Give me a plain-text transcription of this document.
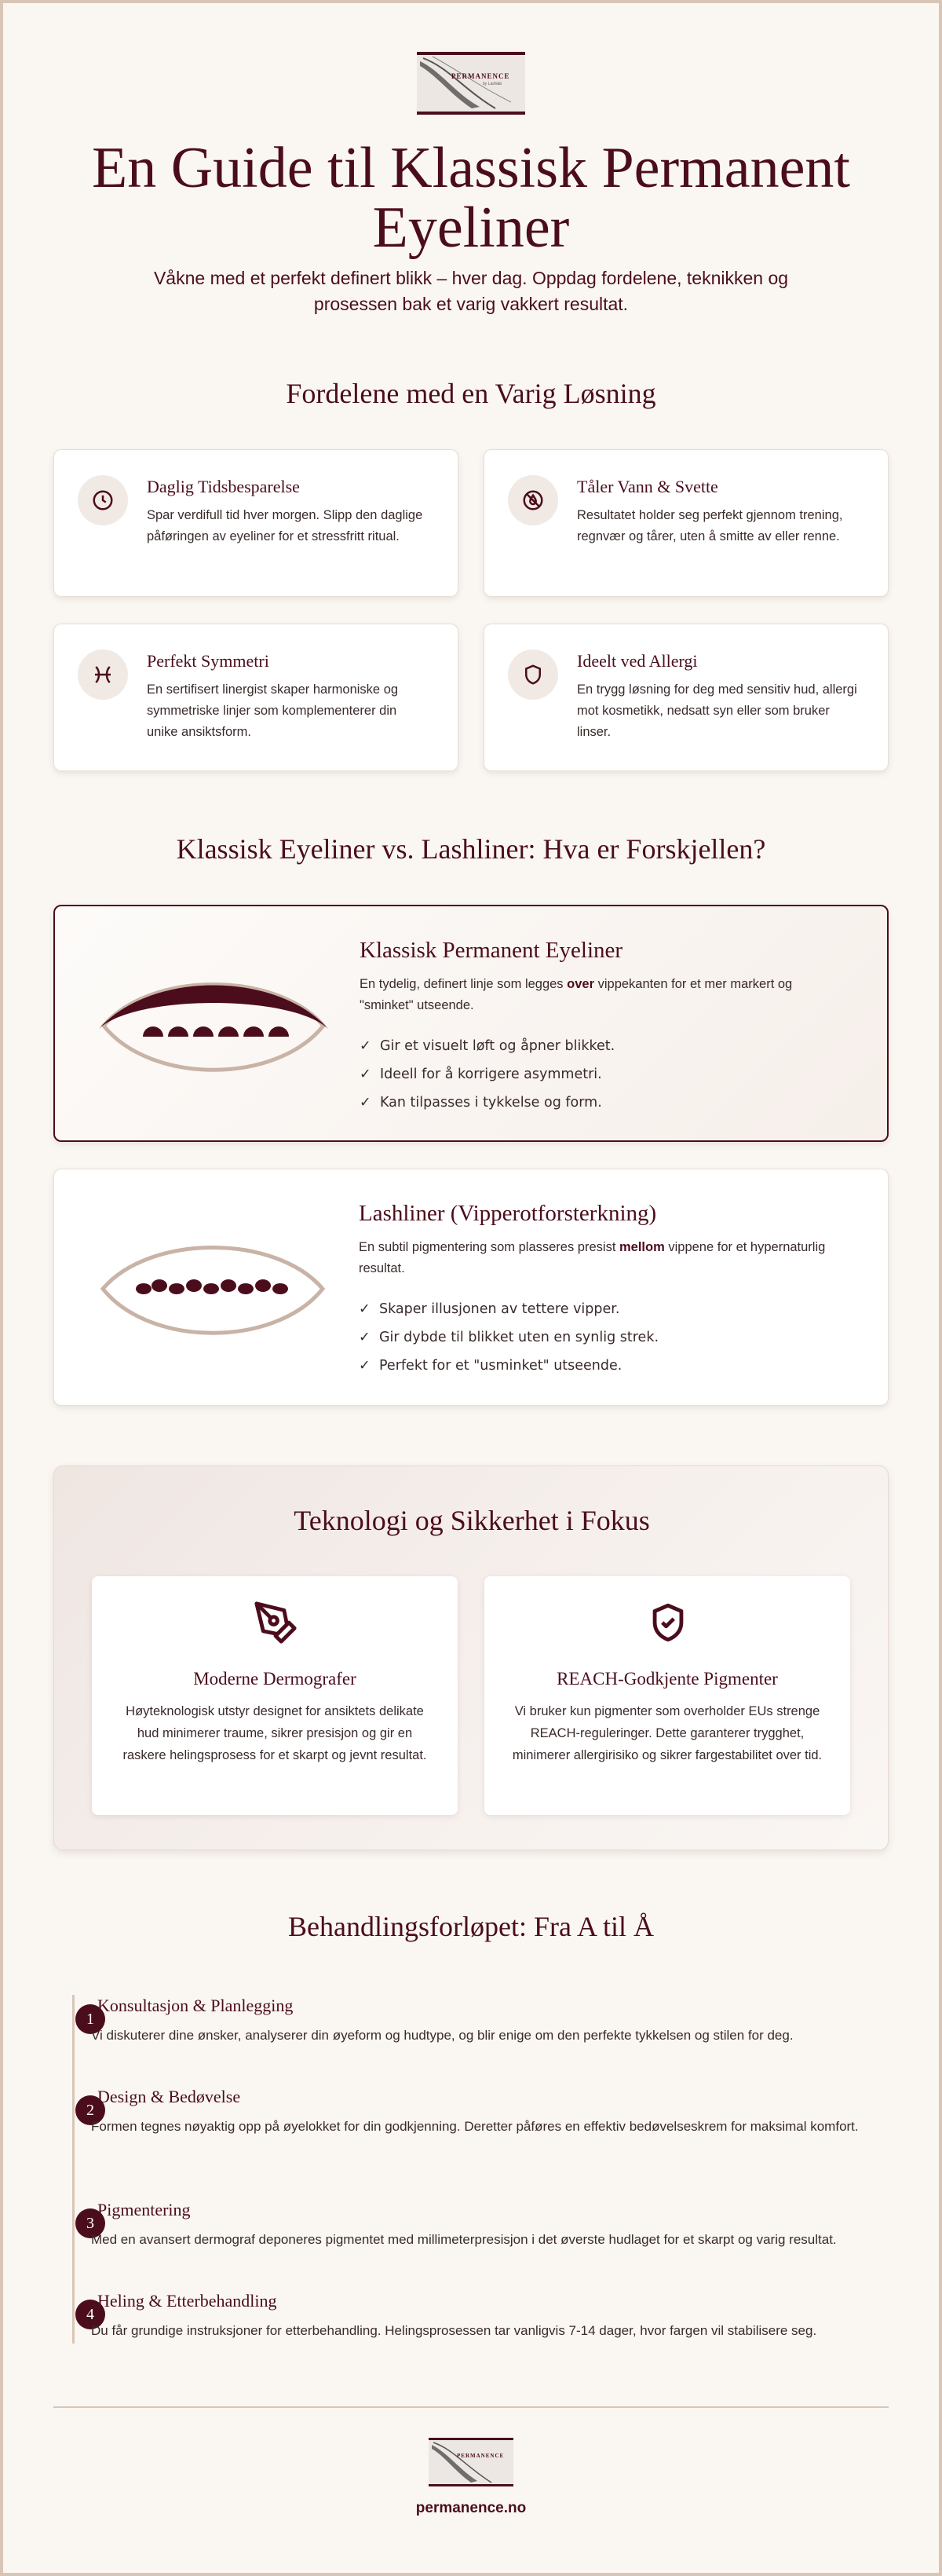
PERMANENCE
by Lashlab
En Guide til Klassisk Permanent Eyeliner

Våkne med et perfekt definert blikk – hver dag. Oppdag fordelene, teknikken og prosessen bak et varig vakkert resultat.

Fordelene med en Varig Løsning
Daglig Tidsbesparelse
Spar verdifull tid hver morgen. Slipp den daglige påføringen av eyeliner for et stressfritt ritual.
Tåler Vann & Svette
Resultatet holder seg perfekt gjennom trening, regnvær og tårer, uten å smitte av eller renne.
Perfekt Symmetri
En sertifisert linergist skaper harmoniske og symmetriske linjer som komplementerer din unike ansiktsform.
Ideelt ved Allergi
En trygg løsning for deg med sensitiv hud, allergi mot kosmetikk, nedsatt syn eller som bruker linser.
Klassisk Eyeliner vs. Lashliner: Hva er Forskjellen?
Klassisk Permanent Eyeliner
En tydelig, definert linje som legges over vippekanten for et mer markert og "sminket" utseende.
✓ Gir et visuelt løft og åpner blikket.
✓ Ideell for å korrigere asymmetri.
✓ Kan tilpasses i tykkelse og form.
Lashliner (Vipperotforsterkning)
En subtil pigmentering som plasseres presist mellom vippene for et hypernaturlig resultat.
✓ Skaper illusjonen av tettere vipper.
✓ Gir dybde til blikket uten en synlig strek.
✓ Perfekt for et "usminket" utseende.
Teknologi og Sikkerhet i Fokus
Moderne Dermografer
Høyteknologisk utstyr designet for ansiktets delikate hud minimerer traume, sikrer presisjon og gir en raskere helingsprosess for et skarpt og jevnt resultat.
REACH-Godkjente Pigmenter
Vi bruker kun pigmenter som overholder EUs strenge REACH-reguleringer. Dette garanterer trygghet, minimerer allergirisiko og sikrer fargestabilitet over tid.
Behandlingsforløpet: Fra A til Å
1
Konsultasjon & Planlegging
Vi diskuterer dine ønsker, analyserer din øyeform og hudtype, og blir enige om den perfekte tykkelsen og stilen for deg.
2
Design & Bedøvelse
Formen tegnes nøyaktig opp på øyelokket for din godkjenning. Deretter påføres en effektiv bedøvelseskrem for maksimal komfort.
3
Pigmentering
Med en avansert dermograf deponeres pigmentet med millimeterpresisjon i det øverste hudlaget for et skarpt og varig resultat.
4
Heling & Etterbehandling
Du får grundige instruksjoner for etterbehandling. Helingsprosessen tar vanligvis 7-14 dager, hvor fargen vil stabilisere seg.
PERMANENCE
permanence.no
